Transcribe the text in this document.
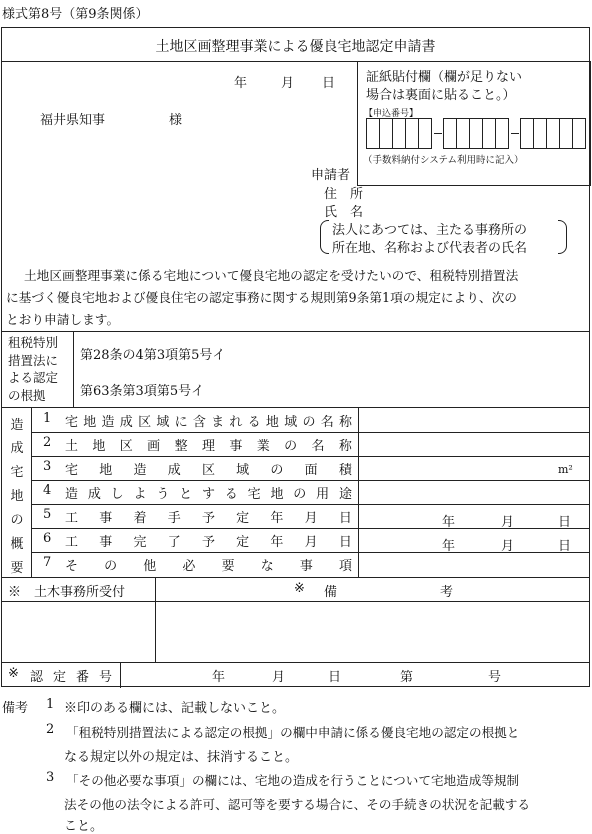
様式第8号（第9条関係）
土地区画整理事業による優良宅地認定申請書
年	月 日
福井県知事	様
証紙貼付欄（欄が足りない
場合は裏面に貼ること。）
【申込番号】
（手数料納付システム利用時に記入）
申請者
住　所
氏　名
法人にあつては、主たる事務所の
所在地、名称および代表者の氏名
土地区画整理事業に係る宅地について優良宅地の認定を受けたいので、租税特別措置法
に基づく優良宅地および優良住宅の認定事務に関する規則第9条第1項の規定により、次の
とおり申請します。
租税特別
措置法に
よる認定
の根拠
第28条の4第3項第5号イ
第63条第3項第5号イ
造
成
宅
地
の
概
要
1 宅 地 造 成 区 域 に 含 ま れ る 地 域 の 名 称
2 土 地 区 画 整 理 事 業 の 名 称
3 宅 地 造 成 区 域 の 面 積	m²
4 造 成 し よ う と す る 宅 地 の 用 途
5 工 事 着 手 予 定 年 月 日	年	月	日
6 工 事 完 了 予 定 年 月 日	年	月	日
7 そ の 他 必 要 な 事 項
※　土木事務所受付	※ 備	考
※ 認 定 番 号	年	月	日	第	号
備考 1 ※印のある欄には、記載しないこと。
2 「租税特別措置法による認定の根拠」の欄中申請に係る優良宅地の認定の根拠と
なる規定以外の規定は、抹消すること。
3 「その他必要な事項」の欄には、宅地の造成を行うことについて宅地造成等規制
法その他の法令による許可、認可等を要する場合に、その手続きの状況を記載する
こと。
